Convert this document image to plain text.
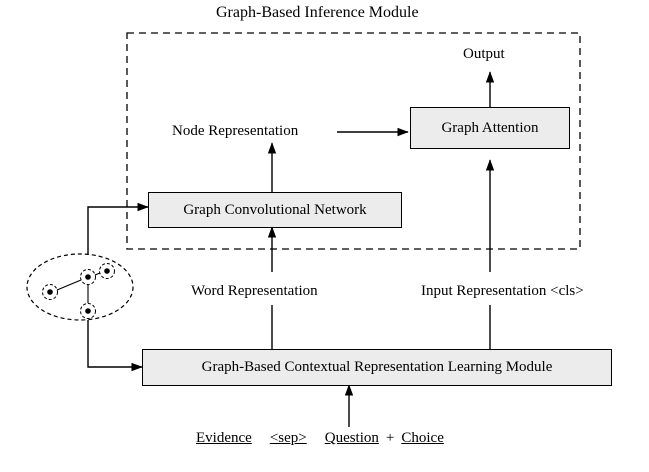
Graph-Based Inference Module
Output
Graph Attention
Node Representation
Graph Convolutional Network
Word Representation	Input Representation <cls>
Graph-Based Contextual Representation Learning Module
Evidence <sep> Question + Choice
